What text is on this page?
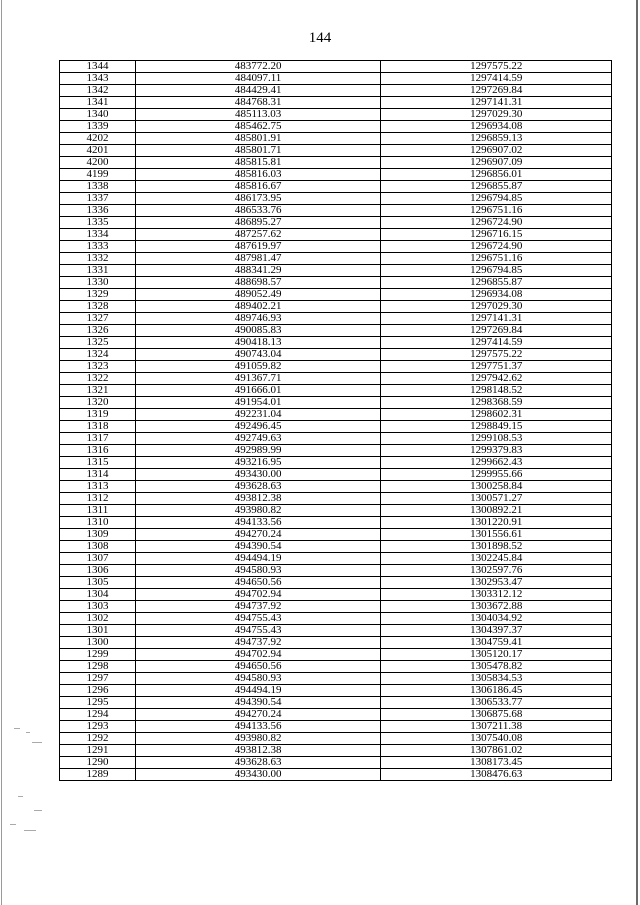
144
1344	483772.20	1297575.22
1343	484097.11	1297414.59
1342	484429.41	1297269.84
1341	484768.31	1297141.31
1340	485113.03	1297029.30
1339	485462.75	1296934.08
4202	485801.91	1296859.13
4201	485801.71	1296907.02
4200	485815.81	1296907.09
4199	485816.03	1296856.01
1338	485816.67	1296855.87
1337	486173.95	1296794.85
1336	486533.76	1296751.16
1335	486895.27	1296724.90
1334	487257.62	1296716.15
1333	487619.97	1296724.90
1332	487981.47	1296751.16
1331	488341.29	1296794.85
1330	488698.57	1296855.87
1329	489052.49	1296934.08
1328	489402.21	1297029.30
1327	489746.93	1297141.31
1326	490085.83	1297269.84
1325	490418.13	1297414.59
1324	490743.04	1297575.22
1323	491059.82	1297751.37
1322	491367.71	1297942.62
1321	491666.01	1298148.52
1320	491954.01	1298368.59
1319	492231.04	1298602.31
1318	492496.45	1298849.15
1317	492749.63	1299108.53
1316	492989.99	1299379.83
1315	493216.95	1299662.43
1314	493430.00	1299955.66
1313	493628.63	1300258.84
1312	493812.38	1300571.27
1311	493980.82	1300892.21
1310	494133.56	1301220.91
1309	494270.24	1301556.61
1308	494390.54	1301898.52
1307	494494.19	1302245.84
1306	494580.93	1302597.76
1305	494650.56	1302953.47
1304	494702.94	1303312.12
1303	494737.92	1303672.88
1302	494755.43	1304034.92
1301	494755.43	1304397.37
1300	494737.92	1304759.41
1299	494702.94	1305120.17
1298	494650.56	1305478.82
1297	494580.93	1305834.53
1296	494494.19	1306186.45
1295	494390.54	1306533.77
1294	494270.24	1306875.68
1293	494133.56	1307211.38
1292	493980.82	1307540.08
1291	493812.38	1307861.02
1290	493628.63	1308173.45
1289	493430.00	1308476.63
